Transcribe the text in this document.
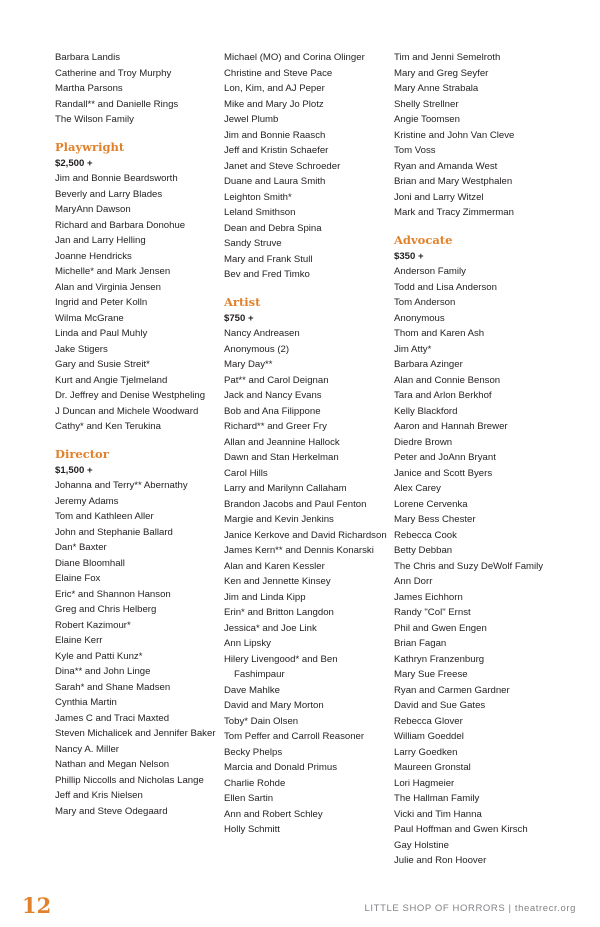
Barbara Landis

Catherine and Troy Murphy

Martha Parsons

Randall** and Danielle Rings

The Wilson Family

Playwright

$2,500 +

Jim and Bonnie Beardsworth

Beverly and Larry Blades

MaryAnn Dawson

Richard and Barbara Donohue

Jan and Larry Helling

Joanne Hendricks

Michelle* and Mark Jensen

Alan and Virginia Jensen

Ingrid and Peter Kolln

Wilma McGrane

Linda and Paul Muhly

Jake Stigers

Gary and Susie Streit*

Kurt and Angie Tjelmeland

Dr. Jeffrey and Denise Westpheling

J Duncan and Michele Woodward

Cathy* and Ken Terukina

Director

$1,500 +

Johanna and Terry** Abernathy

Jeremy Adams

Tom and Kathleen Aller

John and Stephanie Ballard

Dan* Baxter

Diane Bloomhall

Elaine Fox

Eric* and Shannon Hanson

Greg and Chris Helberg

Robert Kazimour*

Elaine Kerr

Kyle and Patti Kunz*

Dina** and John Linge

Sarah* and Shane Madsen

Cynthia Martin

James C and Traci Maxted

Steven Michalicek and Jennifer Baker

Nancy A. Miller

Nathan and Megan Nelson

Phillip Niccolls and Nicholas Lange

Jeff and Kris Nielsen

Mary and Steve Odegaard

Michael (MO) and Corina Olinger

Christine and Steve Pace

Lon, Kim, and AJ Peper

Mike and Mary Jo Plotz

Jewel Plumb

Jim and Bonnie Raasch

Jeff and Kristin Schaefer

Janet and Steve Schroeder

Duane and Laura Smith

Leighton Smith*

Leland Smithson

Dean and Debra Spina

Sandy Struve

Mary and Frank Stull

Bev and Fred Timko

Artist

$750 +

Nancy Andreasen

Anonymous (2)

Mary Day**

Pat** and Carol Deignan

Jack and Nancy Evans

Bob and Ana Filippone

Richard** and Greer Fry

Allan and Jeannine Hallock

Dawn and Stan Herkelman

Carol Hills

Larry and Marilynn Callaham

Brandon Jacobs and Paul Fenton

Margie and Kevin Jenkins

Janice Kerkove and David Richardson

James Kern** and Dennis Konarski

Alan and Karen Kessler

Ken and Jennette Kinsey

Jim and Linda Kipp

Erin* and Britton Langdon

Jessica* and Joe Link

Ann Lipsky

Hilery Livengood* and Ben Fashimpaur

Dave Mahlke

David and Mary Morton

Toby* Dain Olsen

Tom Peffer and Carroll Reasoner

Becky Phelps

Marcia and Donald Primus

Charlie Rohde

Ellen Sartin

Ann and Robert Schley

Holly Schmitt

Tim and Jenni Semelroth

Mary and Greg Seyfer

Mary Anne Strabala

Shelly Strellner

Angie Toomsen

Kristine and John Van Cleve

Tom Voss

Ryan and Amanda West

Brian and Mary Westphalen

Joni and Larry Witzel

Mark and Tracy Zimmerman

Advocate

$350 +

Anderson Family

Todd and Lisa Anderson

Tom Anderson

Anonymous

Thom and Karen Ash

Jim Atty*

Barbara Azinger

Alan and Connie Benson

Tara and Arlon Berkhof

Kelly Blackford

Aaron and Hannah Brewer

Diedre Brown

Peter and JoAnn Bryant

Janice and Scott Byers

Alex Carey

Lorene Cervenka

Mary Bess Chester

Rebecca Cook

Betty Debban

The Chris and Suzy DeWolf Family

Ann Dorr

James Eichhorn

Randy "Col" Ernst

Phil and Gwen Engen

Brian Fagan

Kathryn Franzenburg

Mary Sue Freese

Ryan and Carmen Gardner

David and Sue Gates

Rebecca Glover

William Goeddel

Larry Goedken

Maureen Gronstal

Lori Hagmeier

The Hallman Family

Vicki and Tim Hanna

Paul Hoffman and Gwen Kirsch

Gay Holstine

Julie and Ron Hoover

12	LITTLE SHOP OF HORRORS | theatrecr.org
